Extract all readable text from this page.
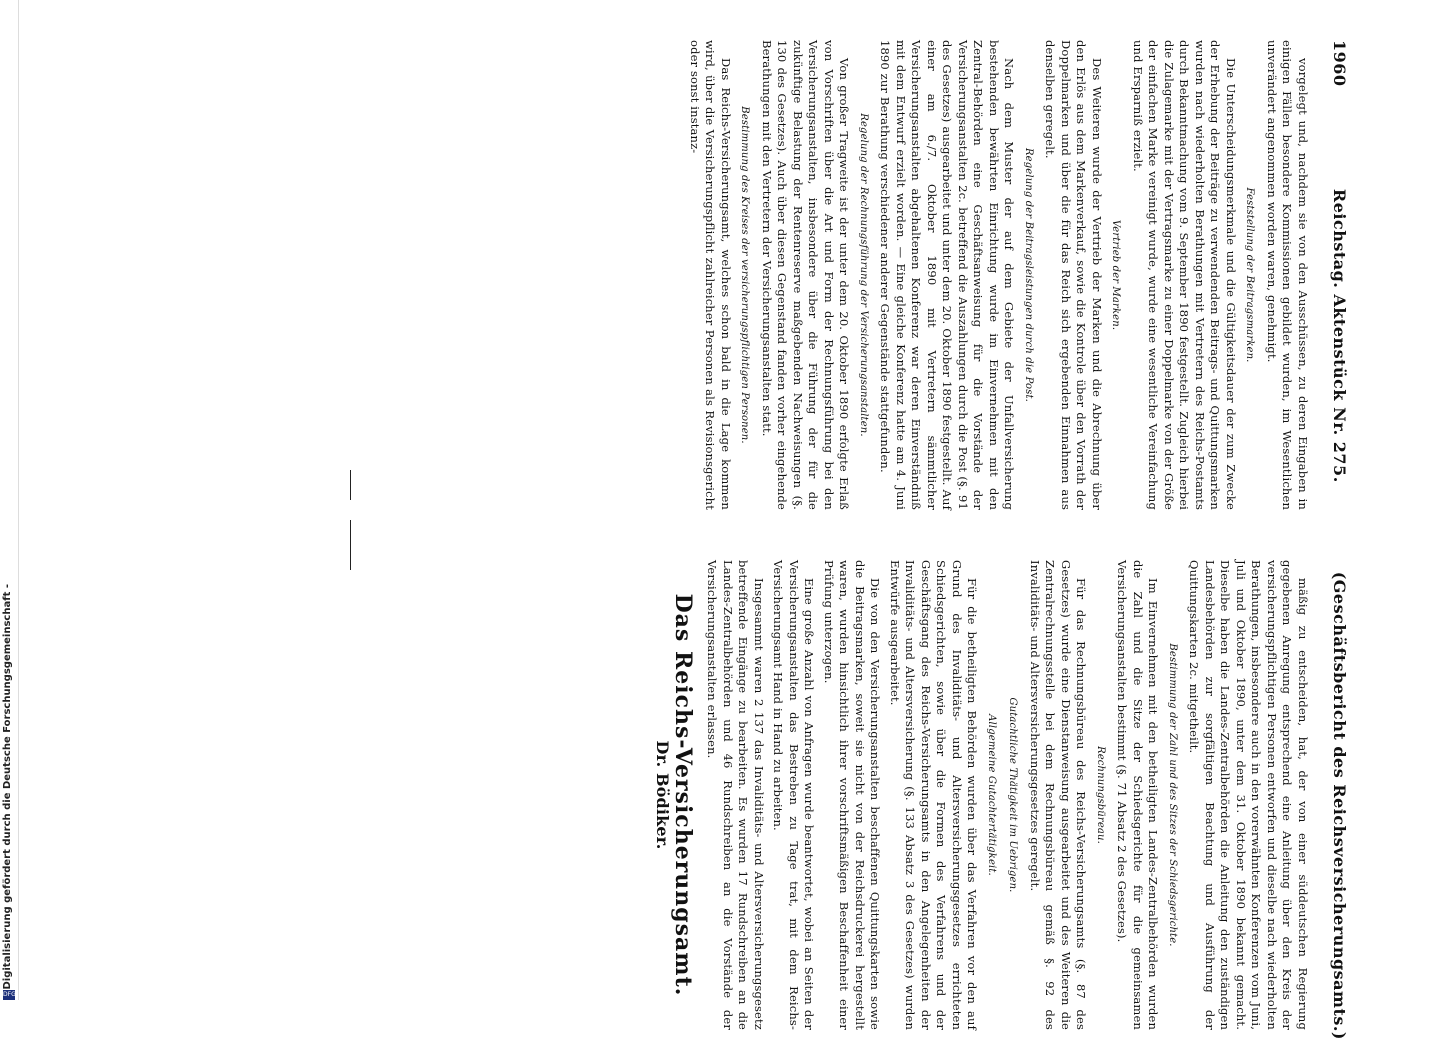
Digitalisierung gefördert durch die Deutsche Forschungsgemeinschaft -
DFG
1960
Reichstag. Aktenstück Nr. 275.
(Geschäftsbericht des Reichsversicherungsamts.)

vorgelegt und, nachdem sie von den Ausschüssen, zu deren Eingaben in einigen Fällen besondere Kommissionen gebildet wurden, im Wesentlichen unverändert angenommen worden waren, genehmigt.

Feststellung der Beitragsmarken.

Die Unterscheidungsmerkmale und die Gültigkeitsdauer der zum Zwecke der Erhebung der Beiträge zu verwendenden Beitrags- und Quittungsmarken wurden nach wiederholten Berathungen mit Vertretern des Reichs-Postamts durch Bekanntmachung vom 9. September 1890 festgestellt. Zugleich hierbei die Zulagemarke mit der Vertragsmarke zu einer Doppelmarke von der Größe der einfachen Marke vereinigt wurde, wurde eine wesentliche Vereinfachung und Ersparniß erzielt.

Vertrieb der Marken.

Des Weiteren wurde der Vertrieb der Marken und die Abrechnung über den Erlös aus dem Markenverkauf, sowie die Kontrole über den Vorrath der Doppelmarken und über die für das Reich sich ergebenden Einnahmen aus denselben geregelt.

Regelung der Beitragsleistungen durch die Post.

Nach dem Muster der auf dem Gebiete der Unfallversicherung bestehenden bewährten Einrichtung wurde im Einvernehmen mit den Zentral-Behörden eine Geschäftsanweisung für die Vorstände der Versicherungsanstalten 2c. betreffend die Auszahlungen durch die Post (§. 91 des Gesetzes) ausgearbeitet und unter dem 20. Oktober 1890 festgestellt. Auf einer am 6./7. Oktober 1890 mit Vertretern sämmtlicher Versicherungsanstalten abgehaltenen Konferenz war deren Einverständniß mit dem Entwurf erzielt worden. — Eine gleiche Konferenz hatte am 4. Juni 1890 zur Berathung verschiedener anderer Gegenstände stattgefunden.

Regelung der Rechnungsführung der Versicherungsanstalten.

Von großer Tragweite ist der unter dem 20. Oktober 1890 erfolgte Erlaß von Vorschriften über die Art und Form der Rechnungsführung bei den Versicherungsanstalten, insbesondere über die Führung der für die zukünftige Belastung der Rentenreserve maßgebenden Nachweisungen (§. 130 des Gesetzes). Auch über diesen Gegenstand fanden vorher eingehende Berathungen mit den Vertretern der Versicherungsanstalten statt.

Bestimmung des Kreises der versicherungspflichtigen Personen.

Das Reichs-Versicherungsamt, welches schon bald in die Lage kommen wird, über die Versicherungspflicht zahlreicher Personen als Revisionsgericht oder sonst instanz-

mäßig zu entscheiden, hat, der von einer süddeutschen Regierung gegebenen Anregung entsprechend eine Anleitung über den Kreis der versicherungspflichtigen Personen entworfen und dieselbe nach wiederholten Berathungen, insbesondere auch in den vorerwähnten Konferenzen vom Juni, Juli und Oktober 1890, unter dem 31. Oktober 1890 bekannt gemacht. Dieselbe haben die Landes-Zentralbehörden die Anleitung den zuständigen Landesbehörden zur sorgfältigen Beachtung und Ausführung der Quittungskarten 2c. mitgetheilt.

Bestimmung der Zahl und des Sitzes der Schiedsgerichte.

Im Einvernehmen mit den betheiligten Landes-Zentralbehörden wurden die Zahl und die Sitze der Schiedsgerichte für die gemeinsamen Versicherungsanstalten bestimmt (§. 71 Absatz 2 des Gesetzes).

Rechnungsbüreau.

Für das Rechnungsbüreau des Reichs-Versicherungsamts (§. 87 des Gesetzes) wurde eine Dienstanweisung ausgearbeitet und des Weiteren die Zentralrechnungsstelle bei dem Rechnungsbüreau gemäß §. 92 des Invaliditäts- und Altersversicherungsgesetzes geregelt.

Gutachtliche Thätigkeit im Uebrigen.
Allgemeine Gutachtertätigkeit.

Für die betheiligten Behörden wurden über das Verfahren vor den auf Grund des Invaliditäts- und Altersversicherungsgesetzes errichteten Schiedsgerichten, sowie über die Formen des Verfahrens und der Geschäftsgang des Reichs-Versicherungsamts in den Angelegenheiten der Invaliditäts- und Altersversicherung (§. 133 Absatz 3 des Gesetzes) wurden Entwürfe ausgearbeitet.

Die von den Versicherungsanstalten beschaffenen Quittungskarten sowie die Beitragsmarken, soweit sie nicht von der Reichsdruckerei hergestellt waren, wurden hinsichtlich ihrer vorschriftsmäßigen Beschaffenheit einer Prüfung unterzogen.

Eine große Anzahl von Anfragen wurde beantwortet, wobei an Seiten der Versicherungsanstalten das Bestreben zu Tage trat, mit dem Reichs-Versicherungsamt Hand in Hand zu arbeiten.

Insgesammt waren 2 137 das Invaliditäts- und Altersversicherungsgesetz betreffende Eingänge zu bearbeiten. Es wurden 17 Rundschreiben an die Landes-Zentralbehörden und 46 Rundschreiben an die Vorstände der Versicherungsanstalten erlassen.

Das Reichs-Versicherungsamt.
Dr. Bödiker.
